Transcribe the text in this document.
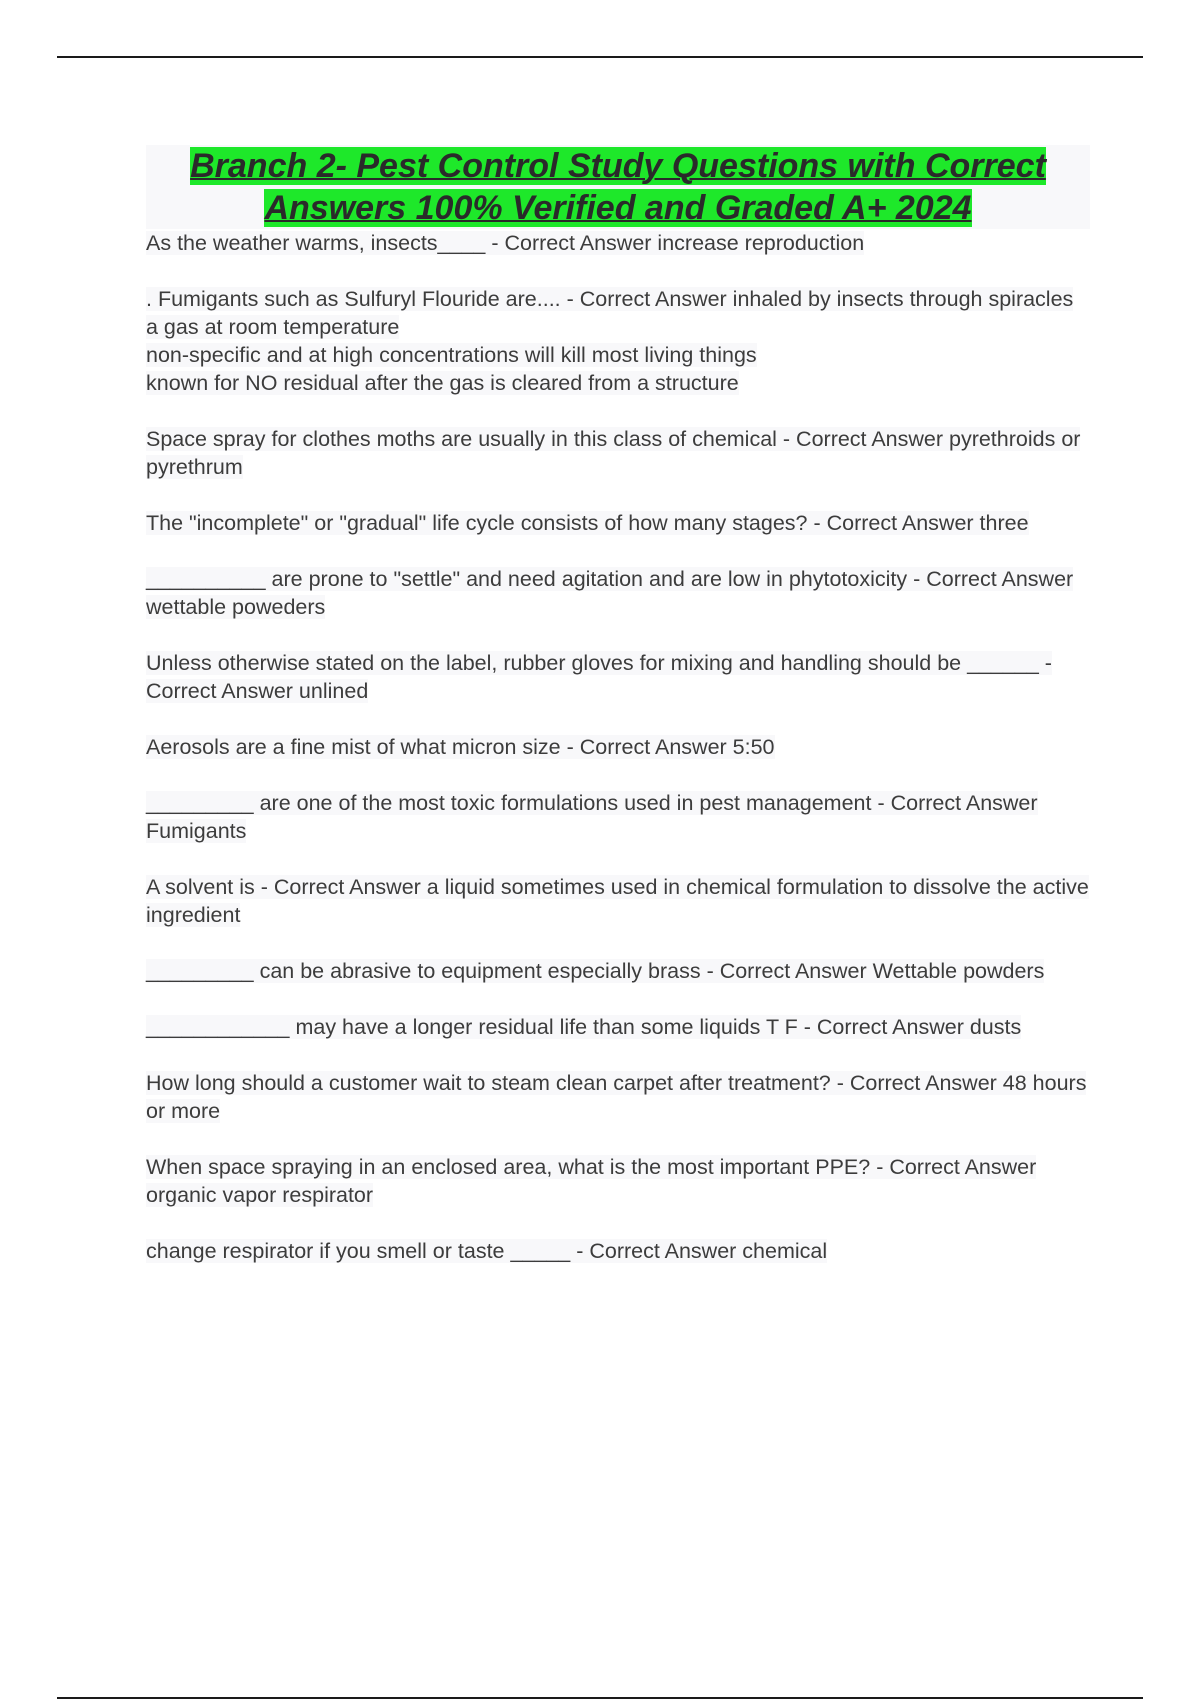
Branch 2- Pest Control Study Questions with Correct Answers 100% Verified and Graded A+ 2024

As the weather warms, insects____ - Correct Answer increase reproduction

. Fumigants such as Sulfuryl Flouride are.... - Correct Answer inhaled by insects through spiracles
a gas at room temperature
non-specific and at high concentrations will kill most living things
known for NO residual after the gas is cleared from a structure

Space spray for clothes moths are usually in this class of chemical - Correct Answer pyrethroids or pyrethrum

The "incomplete" or "gradual" life cycle consists of how many stages? - Correct Answer three

__________ are prone to "settle" and need agitation and are low in phytotoxicity - Correct Answer wettable poweders

Unless otherwise stated on the label, rubber gloves for mixing and handling should be ______ - Correct Answer unlined

Aerosols are a fine mist of what micron size - Correct Answer 5:50

_________ are one of the most toxic formulations used in pest management - Correct Answer Fumigants

A solvent is - Correct Answer a liquid sometimes used in chemical formulation to dissolve the active ingredient

_________ can be abrasive to equipment especially brass - Correct Answer Wettable powders

____________ may have a longer residual life than some liquids T F - Correct Answer dusts

How long should a customer wait to steam clean carpet after treatment? - Correct Answer 48 hours or more

When space spraying in an enclosed area, what is the most important PPE? - Correct Answer organic vapor respirator

change respirator if you smell or taste _____ - Correct Answer chemical
